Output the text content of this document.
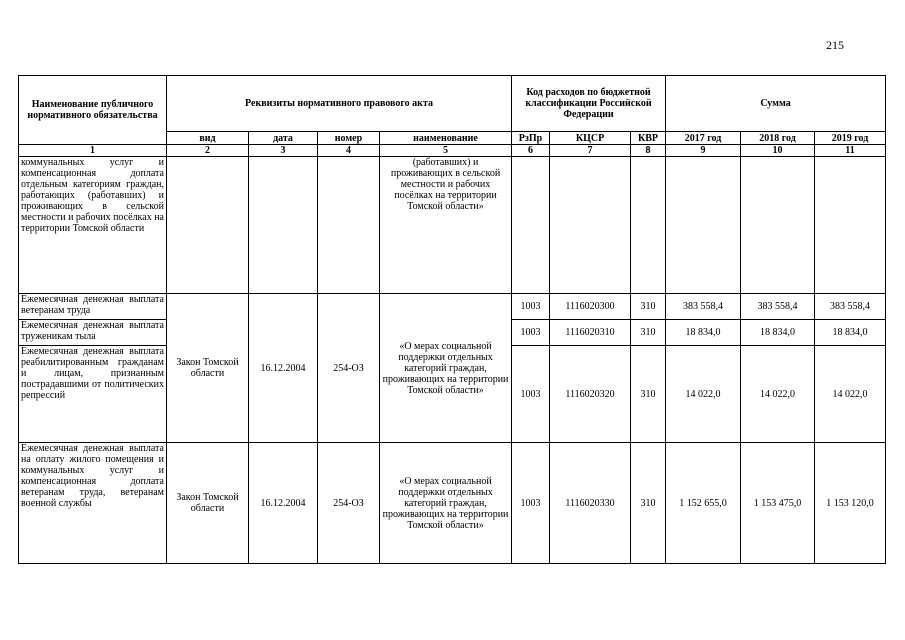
215
Наименование публичного нормативного обязательства	Реквизиты нормативного правового акта				Код расходов по бюджетной классификации Российской Федерации			Сумма		
	вид	дата	номер	наименование	РзПр	КЦСР	КВР	2017 год	2018 год	2019 год
1	2	3	4	5	6	7	8	9	10	11
коммунальных услуг и компенсационная доплата отдельным категориям граждан, работающих (работавших) и проживающих в сельской местности и рабочих посёлках на территории Томской области				(работавших) и проживающих в сельской местности и рабочих посёлках на территории Томской области»						
Ежемесячная денежная выплата ветеранам труда	Закон Томской области	16.12.2004	254-ОЗ	«О мерах социальной поддержки отдельных категорий граждан, проживающих на территории Томской области»	1003	1116020300	310	383 558,4	383 558,4	383 558,4
Ежемесячная денежная выплата труженикам тыла					1003	1116020310	310	18 834,0	18 834,0	18 834,0
Ежемесячная денежная выплата реабилитированным гражданам и лицам, признанным пострадавшими от политических репрессий					1003	1116020320	310	14 022,0	14 022,0	14 022,0
Ежемесячная денежная выплата на оплату жилого помещения и коммунальных услуг и компенсационная доплата ветеранам труда, ветеранам военной службы	Закон Томской области	16.12.2004	254-ОЗ	«О мерах социальной поддержки отдельных категорий граждан, проживающих на территории Томской области»	1003	1116020330	310	1 152 655,0	1 153 475,0	1 153 120,0
